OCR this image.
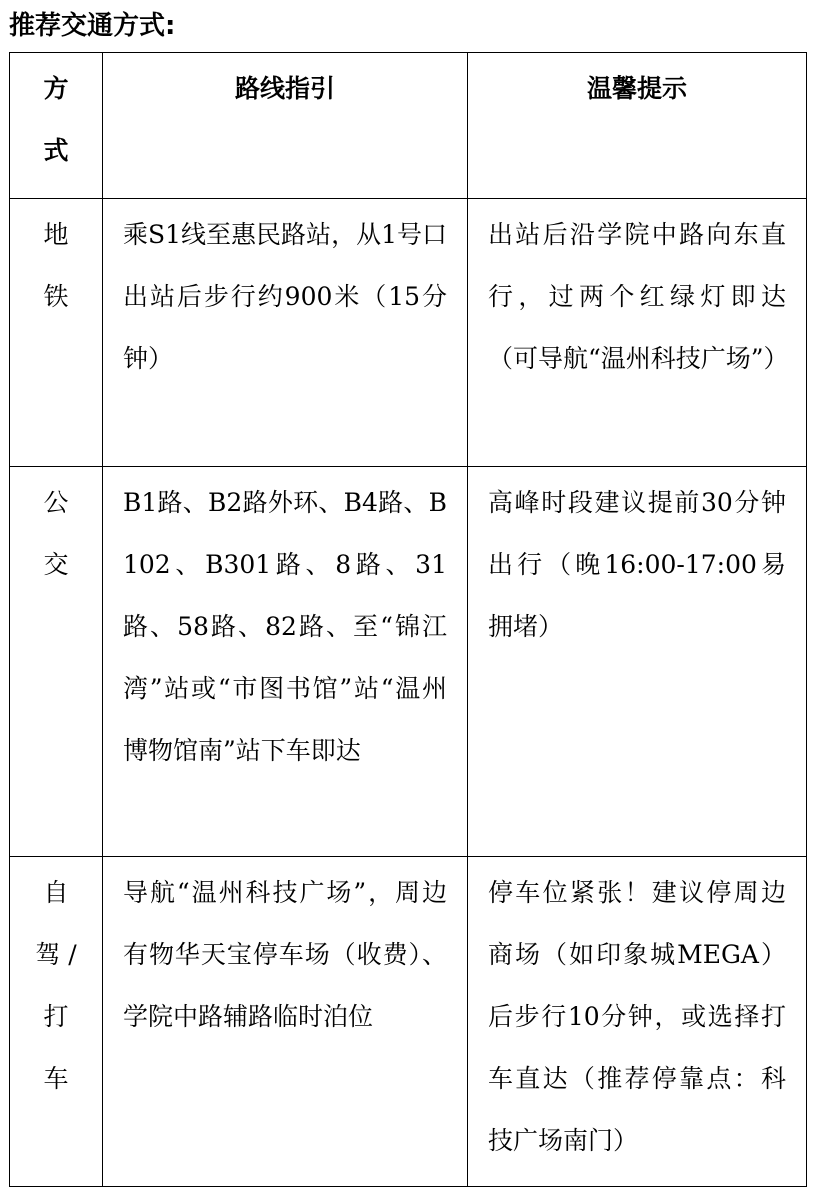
推荐交通方式:
方
式	路线指引	温馨提示

地
铁	乘S1线至惠民路站，从1号口出站后步行约900米（15分钟）	出站后沿学院中路向东直行，过两个红绿灯即达（可导航“温州科技广场”）

公
交	B1路、B2路外环、B4路、B102、B301路、8路、31路、58路、82路、至“锦江湾”站或“市图书馆”站“温州博物馆南”站下车即达	高峰时段建议提前30分钟出行（晚16:00-17:00易拥堵）

自
驾 /
打
车	导航“温州科技广场”，周边有物华天宝停车场（收费）、学院中路辅路临时泊位	停车位紧张！建议停周边商场（如印象城MEGA）后步行10分钟，或选择打车直达（推荐停靠点：科技广场南门）
